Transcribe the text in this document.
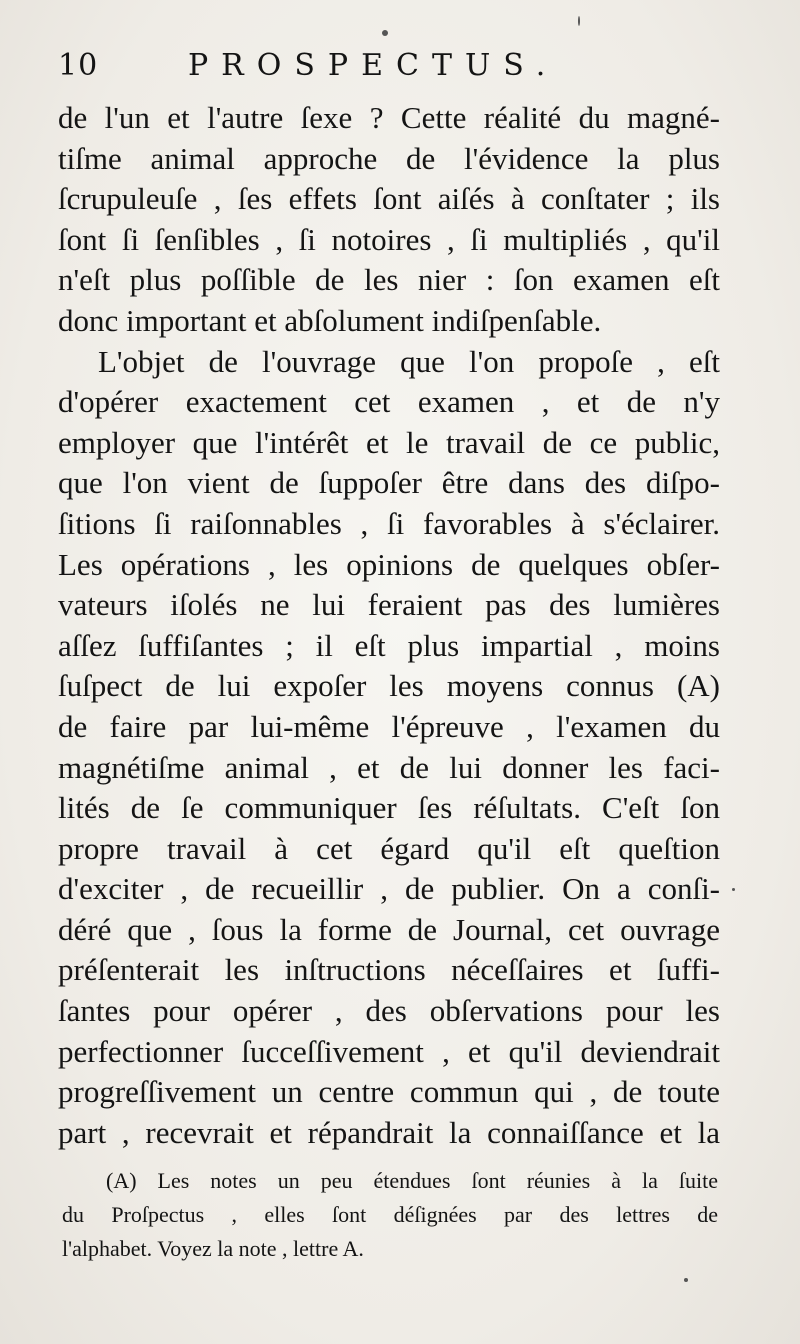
10	PROSPECTUS.
de l'un et l'autre ſexe ? Cette réalité du magné-
tiſme animal approche de l'évidence la plus
ſcrupuleuſe , ſes effets ſont aiſés à conſtater ; ils
ſont ſi ſenſibles , ſi notoires , ſi multipliés , qu'il
n'eſt plus poſſible de les nier : ſon examen eſt
donc important et abſolument indiſpenſable.
L'objet de l'ouvrage que l'on propoſe , eſt
d'opérer exactement cet examen , et de n'y
employer que l'intérêt et le travail de ce public,
que l'on vient de ſuppoſer être dans des diſpo-
ſitions ſi raiſonnables , ſi favorables à s'éclairer.
Les opérations , les opinions de quelques obſer-
vateurs iſolés ne lui feraient pas des lumières
aſſez ſuffiſantes ; il eſt plus impartial , moins
ſuſpect de lui expoſer les moyens connus (A)
de faire par lui-même l'épreuve , l'examen du
magnétiſme animal , et de lui donner les faci-
lités de ſe communiquer ſes réſultats. C'eſt ſon
propre travail à cet égard qu'il eſt queſtion
d'exciter , de recueillir , de publier. On a conſi-
déré que , ſous la forme de Journal, cet ouvrage
préſenterait les inſtructions néceſſaires et ſuffi-
ſantes pour opérer , des obſervations pour les
perfectionner ſucceſſivement , et qu'il deviendrait
progreſſivement un centre commun qui , de toute
part , recevrait et répandrait la connaiſſance et la
(A) Les notes un peu étendues ſont réunies à la ſuite
du Proſpectus , elles ſont déſignées par des lettres de
l'alphabet. Voyez la note , lettre A.
